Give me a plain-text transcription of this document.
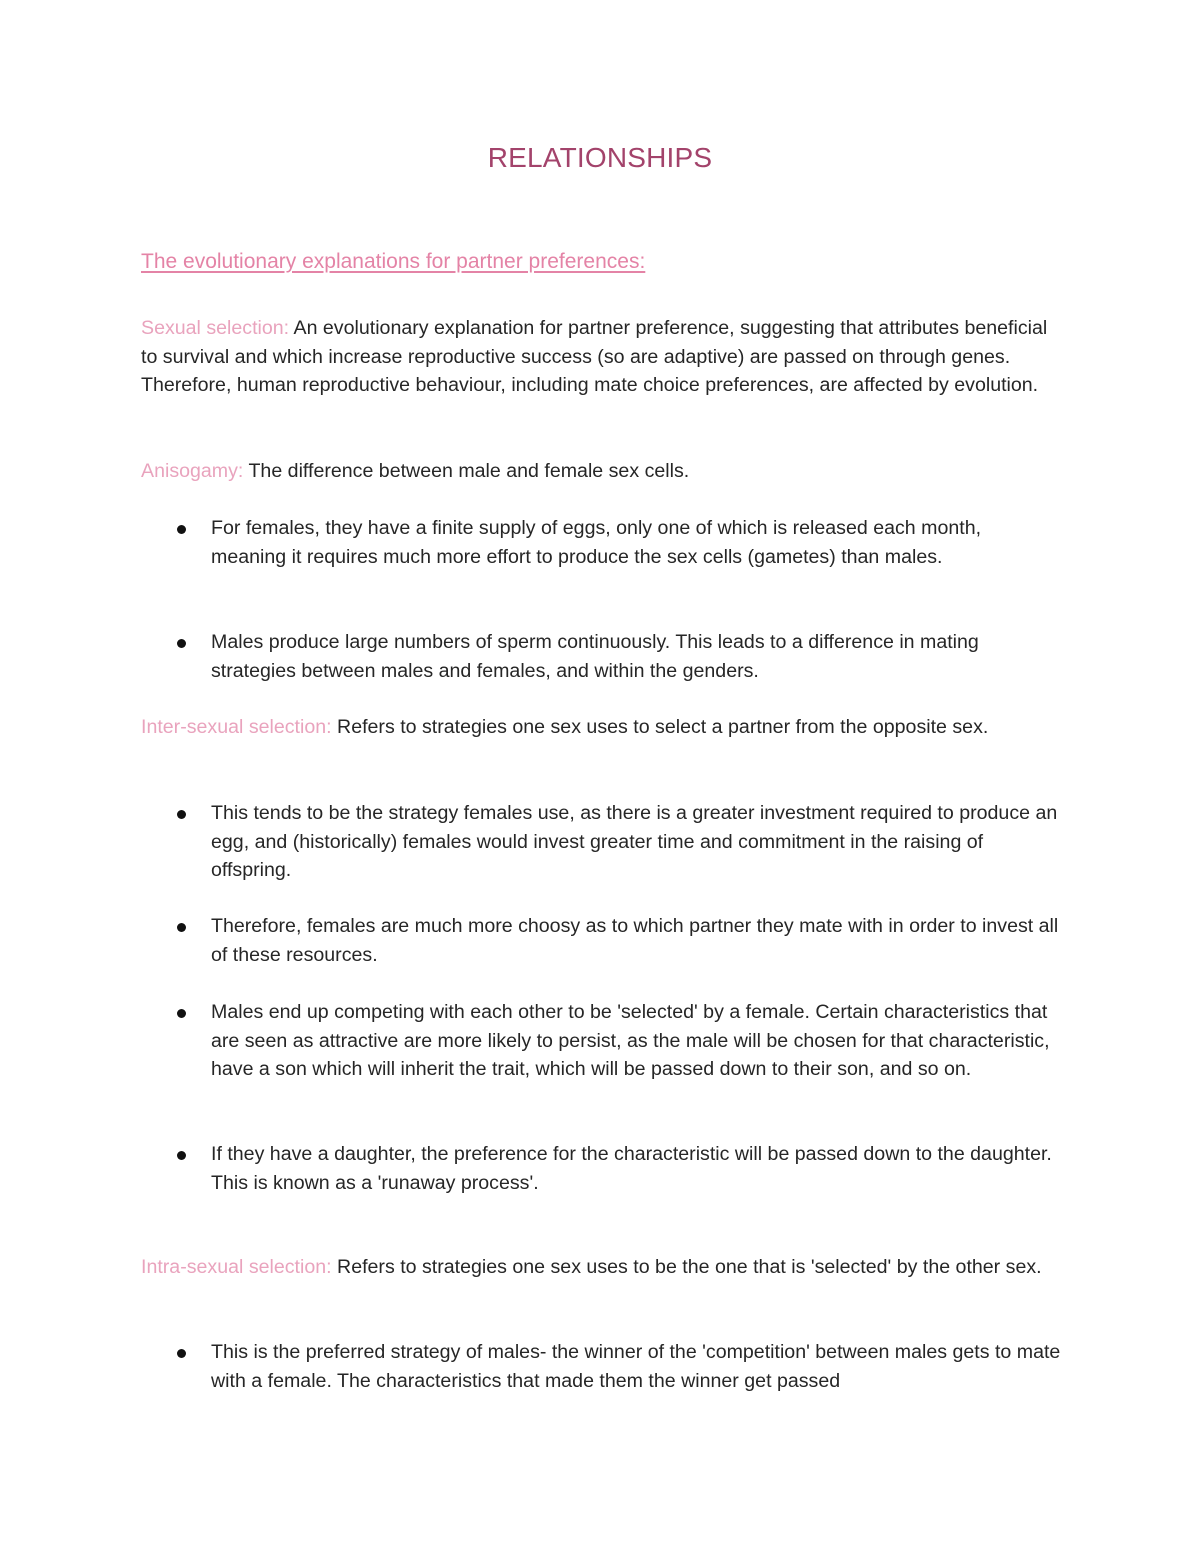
RELATIONSHIPS
The evolutionary explanations for partner preferences:
Sexual selection: An evolutionary explanation for partner preference, suggesting that attributes beneficial to survival and which increase reproductive success (so are adaptive) are passed on through genes. Therefore, human reproductive behaviour, including mate choice preferences, are affected by evolution.
Anisogamy: The difference between male and female sex cells.
For females, they have a finite supply of eggs, only one of which is released each month, meaning it requires much more effort to produce the sex cells (gametes) than males.
Males produce large numbers of sperm continuously. This leads to a difference in mating strategies between males and females, and within the genders.
Inter-sexual selection: Refers to strategies one sex uses to select a partner from the opposite sex.
This tends to be the strategy females use, as there is a greater investment required to produce an egg, and (historically) females would invest greater time and commitment in the raising of offspring.
Therefore, females are much more choosy as to which partner they mate with in order to invest all of these resources.
Males end up competing with each other to be 'selected' by a female. Certain characteristics that are seen as attractive are more likely to persist, as the male will be chosen for that characteristic, have a son which will inherit the trait, which will be passed down to their son, and so on.
If they have a daughter, the preference for the characteristic will be passed down to the daughter. This is known as a 'runaway process'.
Intra-sexual selection: Refers to strategies one sex uses to be the one that is 'selected' by the other sex.
This is the preferred strategy of males- the winner of the 'competition' between males gets to mate with a female. The characteristics that made them the winner get passed
